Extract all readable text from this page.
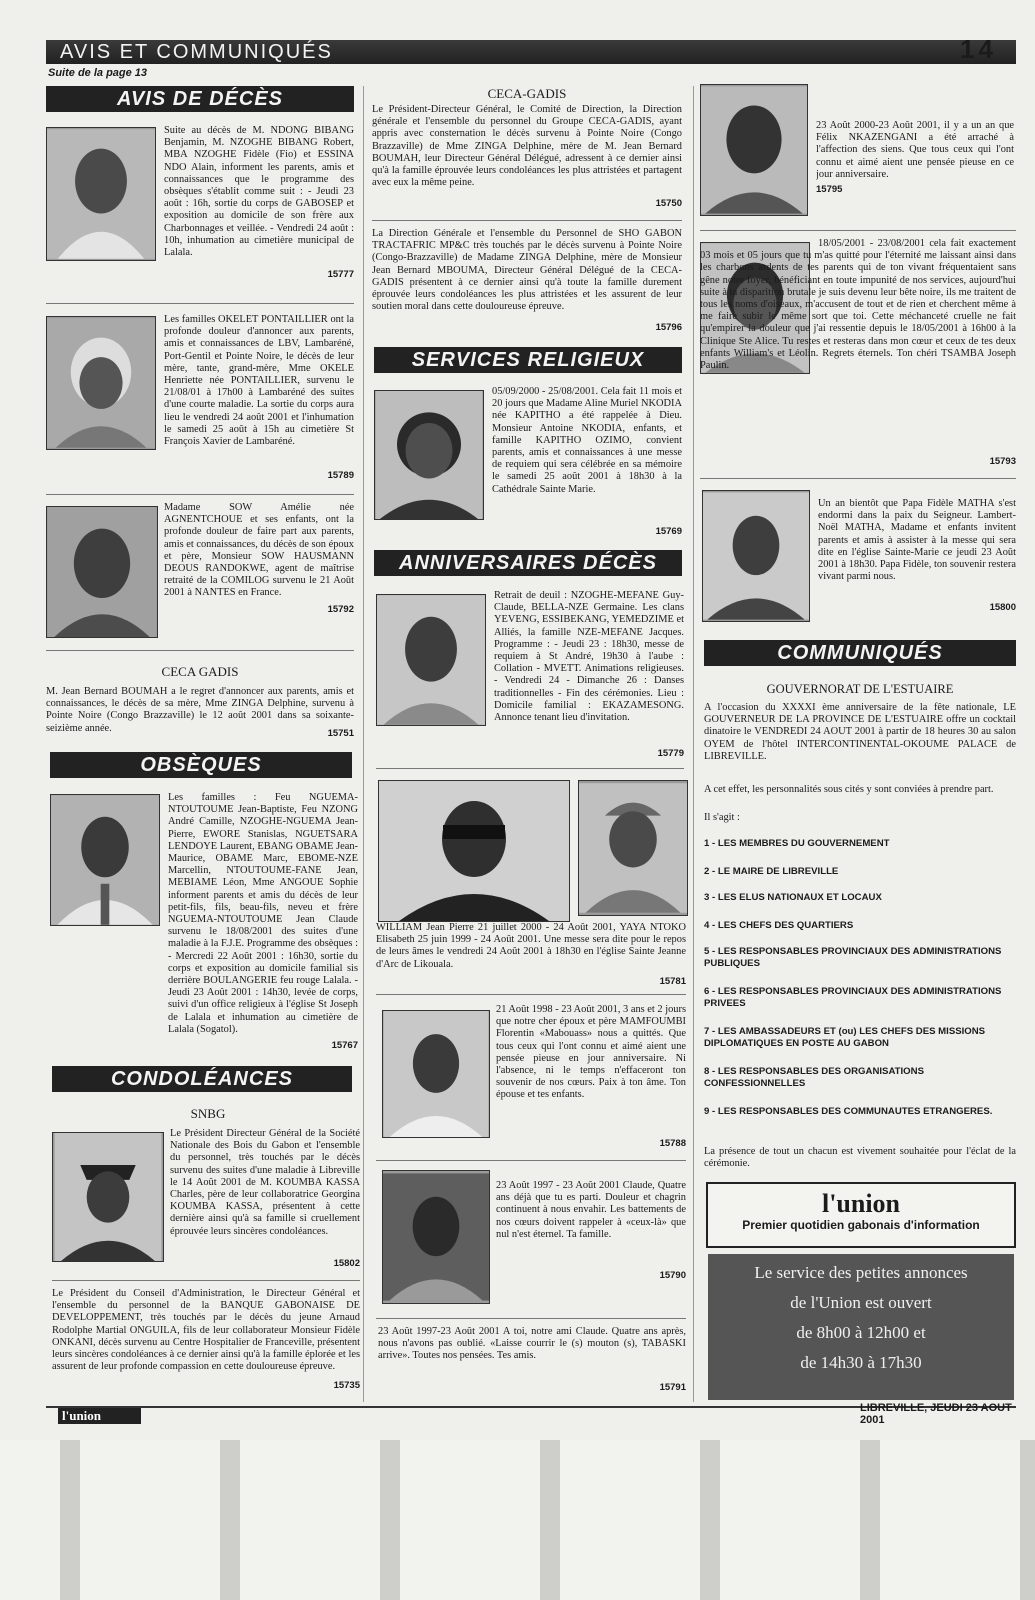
AVIS ET COMMUNIQUÉS	14
Suite de la page 13
AVIS DE DÉCÈS
Suite au décès de M. NDONG BIBANG Benjamin, M. NZOGHE BIBANG Robert, MBA NZOGHE Fidèle (Fio) et ESSINA NDO Alain, informent les parents, amis et connaissances que le programme des obsèques s'établit comme suit : - Jeudi 23 août : 16h, sortie du corps de GABOSEP et exposition au domicile de son frère aux Charbonnages et veillée. - Vendredi 24 août : 10h, inhumation au cimetière municipal de Lalala.
15777
Les familles OKELET PONTAILLIER ont la profonde douleur d'annoncer aux parents, amis et connaissances de LBV, Lambaréné, Port-Gentil et Pointe Noire, le décès de leur mère, tante, grand-mère, Mme OKELE Henriette née PONTAILLIER, survenu le 21/08/01 à 17h00 à Lambaréné des suites d'une courte maladie. La sortie du corps aura lieu le vendredi 24 août 2001 et l'inhumation le samedi 25 août à 15h au cimetière St François Xavier de Lambaréné.
15789
Madame SOW Amélie née AGNENTCHOUE et ses enfants, ont la profonde douleur de faire part aux parents, amis et connaissances, du décès de son époux et père, Monsieur SOW HAUSMANN DEOUS RANDOKWE, agent de maîtrise retraité de la COMILOG survenu le 21 Août 2001 à NANTES en France.
15792
CECA GADIS
M. Jean Bernard BOUMAH a le regret d'annoncer aux parents, amis et connaissances, le décès de sa mère, Mme ZINGA Delphine, survenu à Pointe Noire (Congo Brazzaville) le 12 août 2001 dans sa soixante-seizième année.	15751
OBSÈQUES
Les familles : Feu NGUEMA-NTOUTOUME Jean-Baptiste, Feu NZONG André Camille, NZOGHE-NGUEMA Jean-Pierre, EWORE Stanislas, NGUETSARA LENDOYE Laurent, EBANG OBAME Jean-Maurice, OBAME Marc, EBOME-NZE Marcellin, NTOUTOUME-FANE Jean, MEBIAME Léon, Mme ANGOUE Sophie informent parents et amis du décès de leur petit-fils, fils, beau-fils, neveu et frère NGUEMA-NTOUTOUME Jean Claude survenu le 18/08/2001 des suites d'une maladie à la F.J.E. Programme des obsèques : - Mercredi 22 Août 2001 : 16h30, sortie du corps et exposition au domicile familial sis derrière BOULANGERIE feu rouge Lalala. - Jeudi 23 Août 2001 : 14h30, levée de corps, suivi d'un office religieux à l'église St Joseph de Lalala et inhumation au cimetière de Lalala (Sogatol).
15767
CONDOLÉANCES
SNBG
Le Président Directeur Général de la Société Nationale des Bois du Gabon et l'ensemble du personnel, très touchés par le décès survenu des suites d'une maladie à Libreville le 14 Août 2001 de M. KOUMBA KASSA Charles, père de leur collaboratrice Georgina KOUMBA KASSA, présentent à cette dernière ainsi qu'à sa famille si cruellement éprouvée leurs sincères condoléances.
15802
Le Président du Conseil d'Administration, le Directeur Général et l'ensemble du personnel de la BANQUE GABONAISE DE DEVELOPPEMENT, très touchés par le décès du jeune Arnaud Rodolphe Martial ONGUILA, fils de leur collaborateur Monsieur Fidèle ONKANI, décès survenu au Centre Hospitalier de Franceville, présentent leurs sincères condoléances à ce dernier ainsi qu'à la famille éplorée et les assurent de leur profonde compassion en cette douloureuse épreuve.
15735
CECA-GADIS
Le Président-Directeur Général, le Comité de Direction, la Direction générale et l'ensemble du personnel du Groupe CECA-GADIS, ayant appris avec consternation le décès survenu à Pointe Noire (Congo Brazzaville) de Mme ZINGA Delphine, mère de M. Jean Bernard BOUMAH, leur Directeur Général Délégué, adressent à ce dernier ainsi qu'à la famille éprouvée leurs condoléances les plus attristées et partagent avec eux la même peine.
15750
La Direction Générale et l'ensemble du Personnel de SHO GABON TRACTAFRIC MP&C très touchés par le décès survenu à Pointe Noire (Congo-Brazzaville) de Madame ZINGA Delphine, mère de Monsieur Jean Bernard MBOUMA, Directeur Général Délégué de la CECA-GADIS présentent à ce dernier ainsi qu'à toute la famille durement éprouvée leurs condoléances les plus attristées et les assurent de leur soutien moral dans cette douloureuse épreuve.
15796
SERVICES RELIGIEUX
05/09/2000 - 25/08/2001. Cela fait 11 mois et 20 jours que Madame Aline Muriel NKODIA née KAPITHO a été rappelée à Dieu. Monsieur Antoine NKODIA, enfants, et famille KAPITHO OZIMO, convient parents, amis et connaissances à une messe de requiem qui sera célébrée en sa mémoire le samedi 25 août 2001 à 18h30 à la Cathédrale Sainte Marie.
15769
ANNIVERSAIRES DÉCÈS
Retrait de deuil : NZOGHE-MEFANE Guy-Claude, BELLA-NZE Germaine. Les clans YEVENG, ESSIBEKANG, YEMEDZIME et Alliés, la famille NZE-MEFANE Jacques. Programme : - Jeudi 23 : 18h30, messe de requiem à St André, 19h30 à l'aube : Collation - MVETT. Animations religieuses. - Vendredi 24 - Dimanche 26 : Danses traditionnelles - Fin des cérémonies. Lieu : Domicile familial : EKAZAMESONG. Annonce tenant lieu d'invitation.
15779
WILLIAM Jean Pierre 21 juillet 2000 - 24 Août 2001, YAYA NTOKO Elisabeth 25 juin 1999 - 24 Août 2001. Une messe sera dite pour le repos de leurs âmes le vendredi 24 Août 2001 à 18h30 en l'église Sainte Jeanne d'Arc de Likouala.
15781
21 Août 1998 - 23 Août 2001, 3 ans et 2 jours que notre cher époux et père MAMFOUMBI Florentin «Mabouass» nous a quittés. Que tous ceux qui l'ont connu et aimé aient une pensée pieuse en jour anniversaire. Ni l'absence, ni le temps n'effaceront ton souvenir de nos cœurs. Paix à ton âme. Ton épouse et tes enfants.
15788
23 Août 1997 - 23 Août 2001 Claude, Quatre ans déjà que tu es parti. Douleur et chagrin continuent à nous envahir. Les battements de nos cœurs doivent rappeler à «ceux-là» que nul n'est éternel. Ta famille.
15790
23 Août 1997-23 Août 2001 A toi, notre ami Claude. Quatre ans après, nous n'avons pas oublié. «Laisse courrir le (s) mouton (s), TABASKI arrive». Toutes nos pensées. Tes amis.
15791
23 Août 2000-23 Août 2001, il y a un an que Félix NKAZENGANI a été arraché à l'affection des siens. Que tous ceux qui l'ont connu et aimé aient une pensée pieuse en ce jour anniversaire.
15795
18/05/2001 - 23/08/2001 cela fait exactement 03 mois et 05 jours que tu m'as quitté pour l'éternité me laissant ainsi dans les charbons ardents de tes parents qui de ton vivant fréquentaient sans gêne notre foyer, bénéficiant en toute impunité de nos services, aujourd'hui suite à ta disparition brutale je suis devenu leur bête noire, ils me traitent de tous les noms d'oiseaux, m'accusent de tout et de rien et cherchent même à me faire subir le même sort que toi. Cette méchanceté cruelle ne fait qu'empirer la douleur que j'ai ressentie depuis le 18/05/2001 à 16h00 à la Clinique Ste Alice. Tu restes et resteras dans mon cœur et ceux de tes deux enfants William's et Léolin. Regrets éternels. Ton chéri TSAMBA Joseph Paulin.
15793
Un an bientôt que Papa Fidèle MATHA s'est endormi dans la paix du Seigneur. Lambert-Noël MATHA, Madame et enfants invitent parents et amis à assister à la messe qui sera dite en l'église Sainte-Marie ce jeudi 23 Août 2001 à 18h30. Papa Fidèle, ton souvenir restera vivant parmi nous.
15800
COMMUNIQUÉS
GOUVERNORAT DE L'ESTUAIRE
A l'occasion du XXXXI ème anniversaire de la fête nationale, LE GOUVERNEUR DE LA PROVINCE DE L'ESTUAIRE offre un cocktail dinatoire le VENDREDI 24 AOUT 2001 à partir de 18 heures 30 au salon OYEM de l'hôtel INTERCONTINENTAL-OKOUME PALACE de LIBREVILLE.
A cet effet, les personnalités sous cités y sont conviées à prendre part.
Il s'agit :
1 - LES MEMBRES DU GOUVERNEMENT
2 - LE MAIRE DE LIBREVILLE
3 - LES ELUS NATIONAUX ET LOCAUX
4 - LES CHEFS DES QUARTIERS
5 - LES RESPONSABLES PROVINCIAUX DES ADMINISTRATIONS PUBLIQUES
6 - LES RESPONSABLES PROVINCIAUX DES ADMINISTRATIONS PRIVEES
7 - LES AMBASSADEURS ET (ou) LES CHEFS DES MISSIONS DIPLOMATIQUES EN POSTE AU GABON
8 - LES RESPONSABLES DES ORGANISATIONS CONFESSIONNELLES
9 - LES RESPONSABLES DES COMMUNAUTES ETRANGERES.
La présence de tout un chacun est vivement souhaitée pour l'éclat de la cérémonie.
l'union
Premier quotidien gabonais d'information
Le service des petites annonces
de l'Union est ouvert
de 8h00 à 12h00 et
de 14h30 à 17h30
l'union	LIBREVILLE, JEUDI 23 AOUT 2001
